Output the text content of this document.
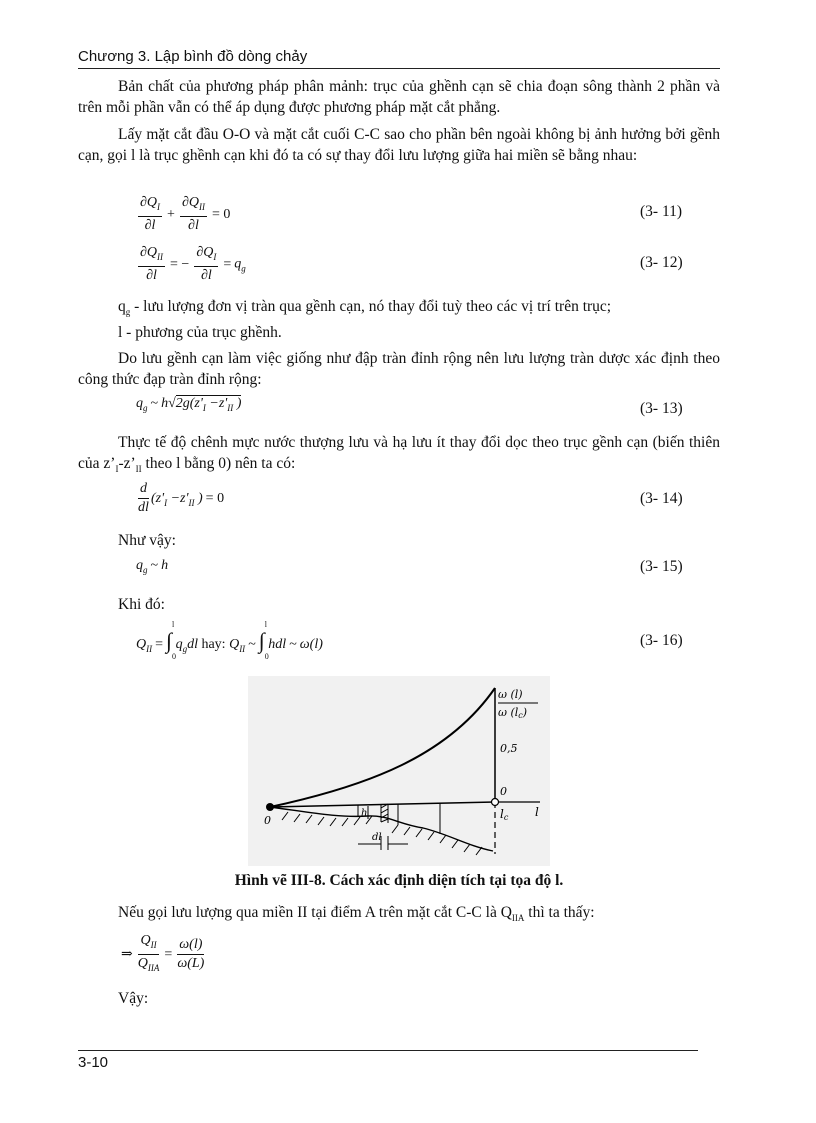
Chương 3. Lập bình đồ dòng chảy
Bản chất của phương pháp phân mảnh: trục của ghềnh cạn sẽ chia đoạn sông thành 2 phần và trên mỗi phần vẫn có thể áp dụng được phương pháp mặt cắt phẳng.
Lấy mặt cắt đầu O-O và mặt cắt cuối C-C sao cho phần bên ngoài không bị ảnh hưởng bởi gềnh cạn, gọi l là trục ghềnh cạn khi đó ta có sự thay đổi lưu lượng giữa hai miền sẽ bằng nhau:
$\frac{\partial Q_I}{\partial l} + \frac{\partial Q_{II}}{\partial l} = 0$	(3- 11)
$\frac{\partial Q_{II}}{\partial l}$ = − $\frac{\partial Q_I}{\partial l} = q_g$	(3- 12)
$q_g$ - lưu lượng đơn vị tràn qua gềnh cạn, nó thay đổi tuỳ theo các vị trí trên trục;
l - phương của trục ghềnh.
Do lưu gềnh cạn làm việc giống như đập tràn đỉnh rộng nên lưu lượng tràn dược xác định theo công thức đạp tràn đỉnh rộng:
$q_g$ ~ $h√2g(z'_I -z'_{II}$ )	(3- 13)
Thực tế độ chênh mực nước thượng lưu và hạ lưu ít thay đổi dọc theo trục gềnh cạn (biến thiên của $z’_I-z’_{II}$ theo l bằng 0) nên ta có:
$\frac{d}{dl} (z'_I -z'_{II}$ ) = 0	(3- 14)
Như vậy:
$q_g$ ~ h	(3- 15)
Khi đó:
$Q_{II}$ = ∫
l
0
$q_gdl$ hay: $Q_{II}$ ~ ∫
l
0
hdl ~ ω(l)	(3- 16)
ω (l)
ω (lc)
0,5
0
0	lc l
h
dl
Hình vẽ III-8. Cách xác định diện tích tại tọa độ l.
Nếu gọi lưu lượng qua miền II tại điểm A trên mặt cắt C-C là $Q_{IIA}$ thì ta thấy:
⇒ $\frac{Q_{II}}{Q_{IIA}} = \frac{\omega(l)}{\omega(L)}$
Vậy:
3-10
